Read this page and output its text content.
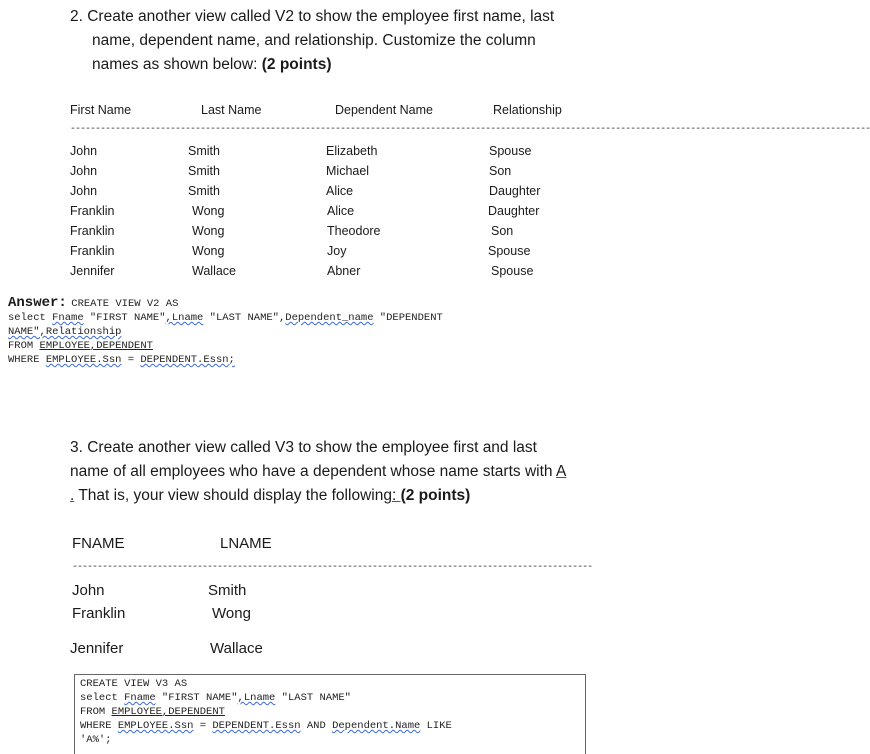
2. Create another view called V2 to show the employee first name, last
name, dependent name, and relationship. Customize the column
names as shown below: (2 points)
First Name	Last Name	Dependent Name	Relationship
----------------------------------------------------------------------------------------------------------------------------------------------------------------
John	Smith	Elizabeth	Spouse
John	Smith	Michael	Son
John	Smith	Alice	Daughter
Franklin	Wong	Alice	Daughter
Franklin	Wong	Theodore	Son
Franklin	Wong	Joy	Spouse
Jennifer	Wallace	Abner	Spouse
Answer: CREATE VIEW V2 AS
select Fname "FIRST NAME",Lname "LAST NAME",Dependent_name "DEPENDENT
NAME",Relationship
FROM EMPLOYEE,DEPENDENT
WHERE EMPLOYEE.Ssn = DEPENDENT.Essn;
3. Create another view called V3 to show the employee first and last
name of all employees who have a dependent whose name starts with A
. That is, your view should display the following: (2 points)
FNAME	LNAME
--------------------------------------------------------------------------------------------------------
John	Smith
Franklin	Wong
Jennifer	Wallace
CREATE VIEW V3 AS
select Fname "FIRST NAME",Lname "LAST NAME"
FROM EMPLOYEE,DEPENDENT
WHERE EMPLOYEE.Ssn = DEPENDENT.Essn AND Dependent.Name LIKE
'A%';
